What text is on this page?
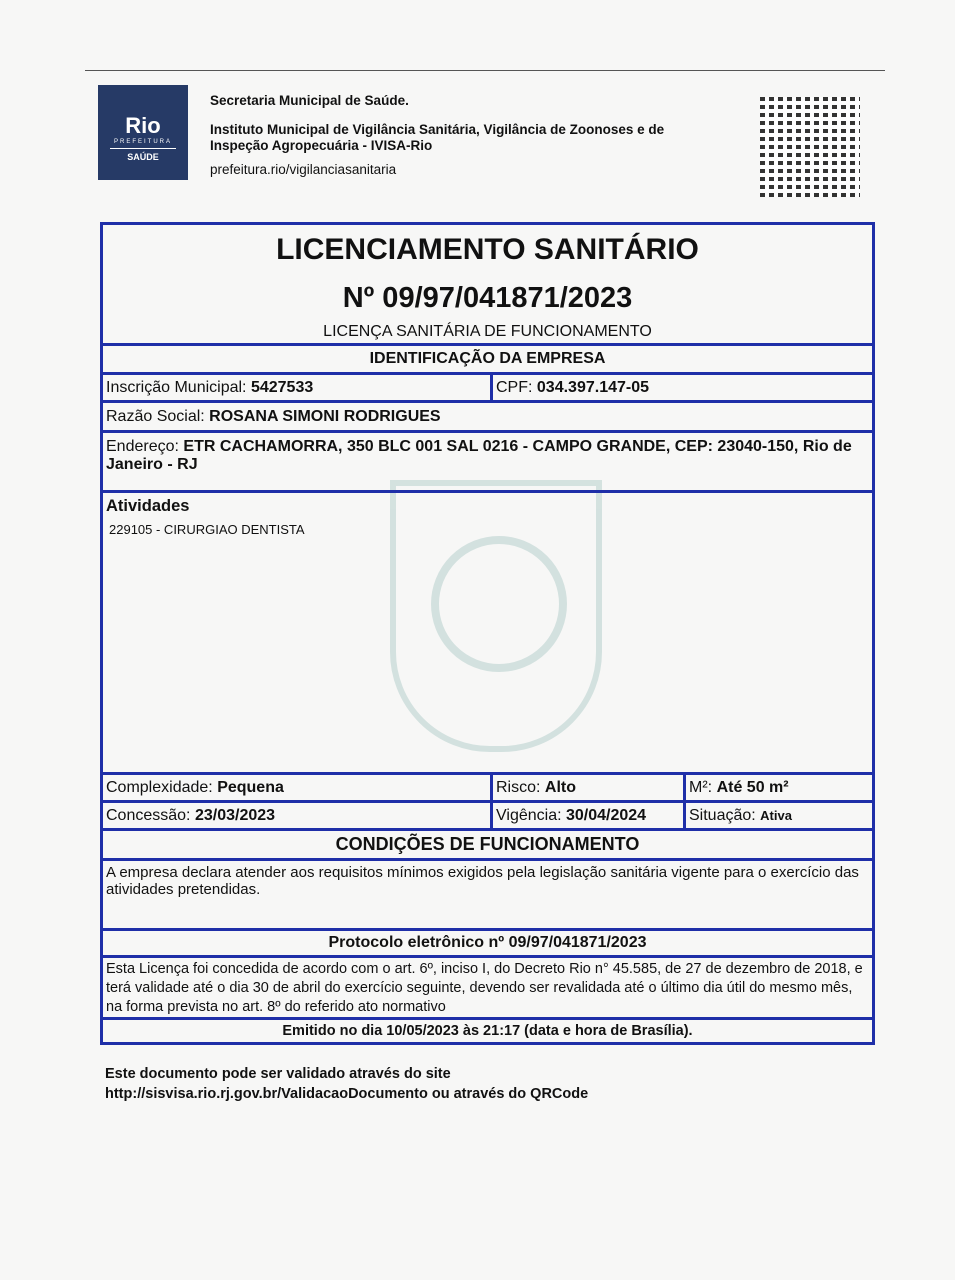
Rio
PREFEITURA
SAÚDE
Secretaria Municipal de Saúde.
Instituto Municipal de Vigilância Sanitária, Vigilância de Zoonoses e de
Inspeção Agropecuária - IVISA-Rio
prefeitura.rio/vigilanciasanitaria
LICENCIAMENTO SANITÁRIO
Nº 09/97/041871/2023
LICENÇA SANITÁRIA DE FUNCIONAMENTO
IDENTIFICAÇÃO DA EMPRESA
Inscrição Municipal:
5427533	CPF:
034.397.147-05
Razão Social:
ROSANA SIMONI RODRIGUES
Endereço: ETR CACHAMORRA, 350 BLC 001 SAL 0216 - CAMPO GRANDE, CEP: 23040-150, Rio de Janeiro - RJ
Atividades
229105 - CIRURGIAO DENTISTA
Complexidade:
Pequena	Risco:
Alto	M²:
Até 50 m²
Concessão:
23/03/2023	Vigência:
30/04/2024	Situação:
Ativa
CONDIÇÕES DE FUNCIONAMENTO
A empresa declara atender aos requisitos mínimos exigidos pela legislação sanitária vigente para o exercício das atividades pretendidas.
Protocolo eletrônico nº 09/97/041871/2023
Esta Licença foi concedida de acordo com o art. 6º, inciso I, do Decreto Rio n° 45.585, de 27 de dezembro de 2018, e terá validade até o dia 30 de abril do exercício seguinte, devendo ser revalidada até o último dia útil do mesmo mês, na forma prevista no art. 8º do referido ato normativo
Emitido no dia 10/05/2023 às 21:17 (data e hora de Brasília).
Este documento pode ser validado através do site
http://sisvisa.rio.rj.gov.br/ValidacaoDocumento ou através do QRCode
